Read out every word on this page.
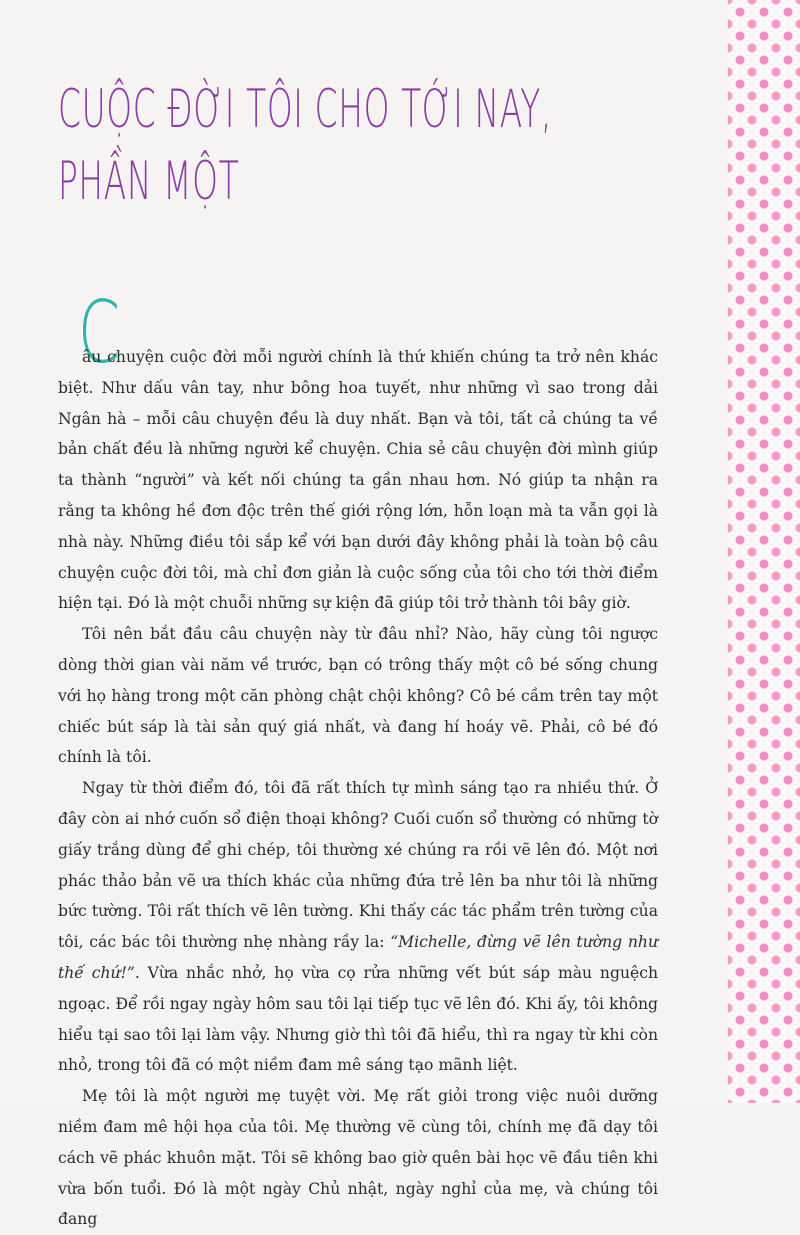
CUỘC ĐỜI TÔI CHO TỚI NAY,
PHẦN MỘT
C

âu chuyện cuộc đời mỗi người chính là thứ khiến chúng ta trở nên khác biệt. Như dấu vân tay, như bông hoa tuyết, như những vì sao trong dải Ngân hà – mỗi câu chuyện đều là duy nhất. Bạn và tôi, tất cả chúng ta về bản chất đều là những người kể chuyện. Chia sẻ câu chuyện đời mình giúp ta thành “người” và kết nối chúng ta gần nhau hơn. Nó giúp ta nhận ra rằng ta không hề đơn độc trên thế giới rộng lớn, hỗn loạn mà ta vẫn gọi là nhà này. Những điều tôi sắp kể với bạn dưới đây không phải là toàn bộ câu chuyện cuộc đời tôi, mà chỉ đơn giản là cuộc sống của tôi cho tới thời điểm hiện tại. Đó là một chuỗi những sự kiện đã giúp tôi trở thành tôi bây giờ.

Tôi nên bắt đầu câu chuyện này từ đâu nhỉ? Nào, hãy cùng tôi ngược dòng thời gian vài năm về trước, bạn có trông thấy một cô bé sống chung với họ hàng trong một căn phòng chật chội không? Cô bé cầm trên tay một chiếc bút sáp là tài sản quý giá nhất, và đang hí hoáy vẽ. Phải, cô bé đó chính là tôi.

Ngay từ thời điểm đó, tôi đã rất thích tự mình sáng tạo ra nhiều thứ. Ở đây còn ai nhớ cuốn sổ điện thoại không? Cuối cuốn sổ thường có những tờ giấy trắng dùng để ghi chép, tôi thường xé chúng ra rồi vẽ lên đó. Một nơi phác thảo bản vẽ ưa thích khác của những đứa trẻ lên ba như tôi là những bức tường. Tôi rất thích vẽ lên tường. Khi thấy các tác phẩm trên tường của tôi, các bác tôi thường nhẹ nhàng rầy la: “Michelle, đừng vẽ lên tường như thế chứ!”. Vừa nhắc nhở, họ vừa cọ rửa những vết bút sáp màu nguệch ngoạc. Để rồi ngay ngày hôm sau tôi lại tiếp tục vẽ lên đó. Khi ấy, tôi không hiểu tại sao tôi lại làm vậy. Nhưng giờ thì tôi đã hiểu, thì ra ngay từ khi còn nhỏ, trong tôi đã có một niềm đam mê sáng tạo mãnh liệt.

Mẹ tôi là một người mẹ tuyệt vời. Mẹ rất giỏi trong việc nuôi dưỡng niềm đam mê hội họa của tôi. Mẹ thường vẽ cùng tôi, chính mẹ đã dạy tôi cách vẽ phác khuôn mặt. Tôi sẽ không bao giờ quên bài học vẽ đầu tiên khi vừa bốn tuổi. Đó là một ngày Chủ nhật, ngày nghỉ của mẹ, và chúng tôi đang
